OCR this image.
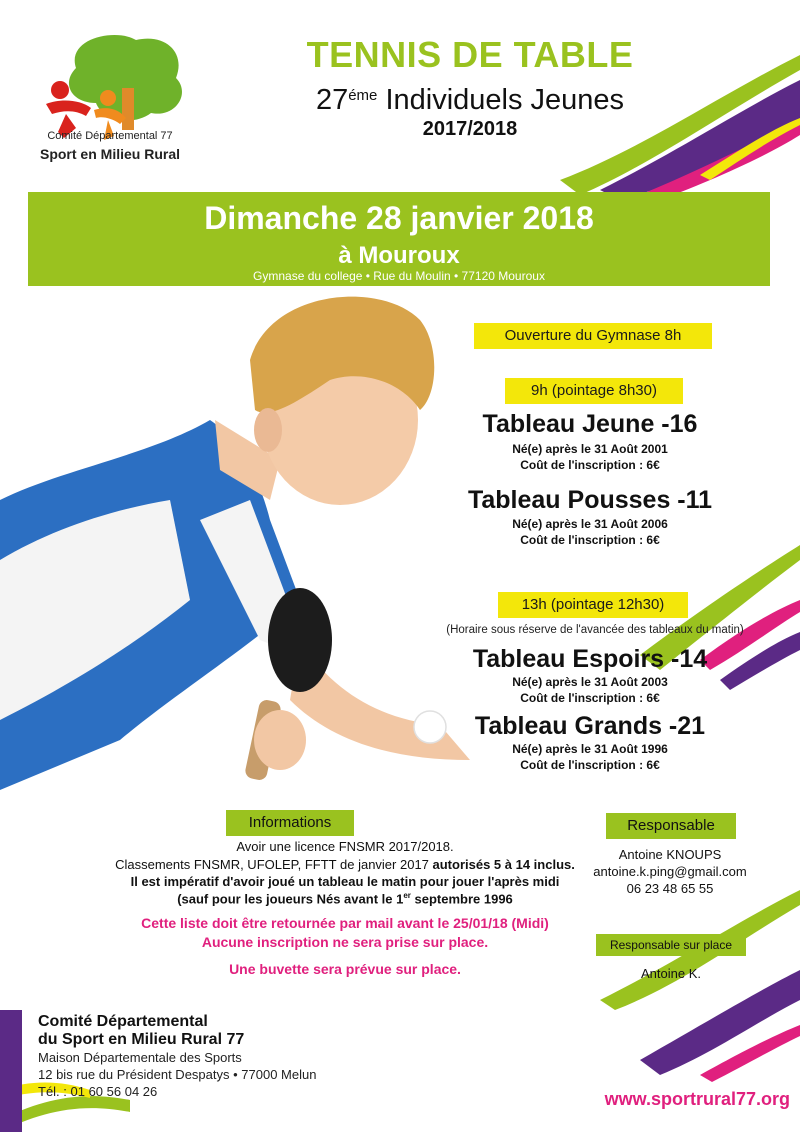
Comité Départemental 77
Sport en Milieu Rural
TENNIS DE TABLE
$27^{éme}$ Individuels Jeunes
2017/2018
Dimanche 28 janvier 2018
à Mouroux
Gymnase du college • Rue du Moulin • 77120 Mouroux
Ouverture du Gymnase 8h
9h (pointage 8h30)
Tableau Jeune -16
Né(e) après le 31 Août 2001
Coût de l'inscription : 6€
Tableau Pousses -11
Né(e) après le 31 Août 2006
Coût de l'inscription : 6€
13h (pointage 12h30)
(Horaire sous réserve de l'avancée des tableaux du matin)
Tableau Espoirs -14
Né(e) après le 31 Août 2003
Coût de l'inscription : 6€
Tableau Grands -21
Né(e) après le 31 Août 1996
Coût de l'inscription : 6€
Informations
Avoir une licence FNSMR 2017/2018.
Classements FNSMR, UFOLEP, FFTT de janvier 2017 autorisés 5 à 14 inclus.
Il est impératif d'avoir joué un tableau le matin pour jouer l'après midi
(sauf pour les joueurs Nés avant le 1er septembre 1996
Cette liste doit être retournée par mail avant le 25/01/18 (Midi)
Aucune inscription ne sera prise sur place.
Une buvette sera prévue sur place.
Responsable
Antoine KNOUPS
antoine.k.ping@gmail.com
06 23 48 65 55
Responsable sur place
Antoine K.
Comité Départemental
du Sport en Milieu Rural 77
Maison Départementale des Sports
12 bis rue du Président Despatys • 77000 Melun
Tél. : 01 60 56 04 26	www.sportrural77.org
